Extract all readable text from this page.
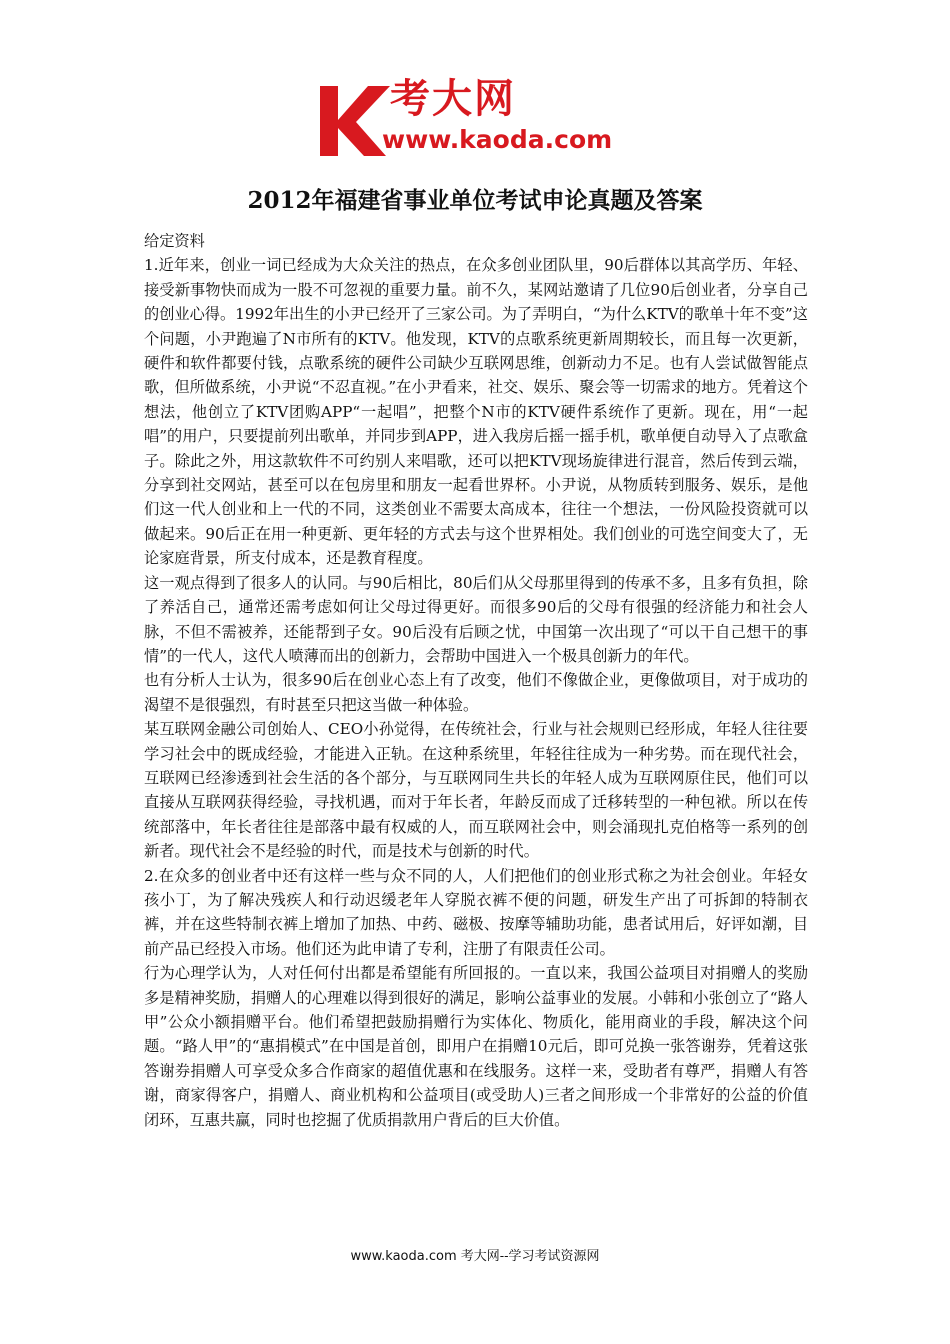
考大网
www.kaoda.com
2012年福建省事业单位考试申论真题及答案

给定资料

1.近年来，创业一词已经成为大众关注的热点，在众多创业团队里，90后群体以其高学历、年轻、接受新事物快而成为一股不可忽视的重要力量。前不久，某网站邀请了几位90后创业者，分享自己的创业心得。1992年出生的小尹已经开了三家公司。为了弄明白，“为什么KTV的歌单十年不变”这个问题，小尹跑遍了N市所有的KTV。他发现，KTV的点歌系统更新周期较长，而且每一次更新，硬件和软件都要付钱，点歌系统的硬件公司缺少互联网思维，创新动力不足。也有人尝试做智能点歌，但所做系统，小尹说“不忍直视。”在小尹看来，社交、娱乐、聚会等一切需求的地方。凭着这个想法，他创立了KTV团购APP“一起唱”，把整个N市的KTV硬件系统作了更新。现在，用“一起唱”的用户，只要提前列出歌单，并同步到APP，进入我房后摇一摇手机，歌单便自动导入了点歌盒子。除此之外，用这款软件不可约别人来唱歌，还可以把KTV现场旋律进行混音，然后传到云端，分享到社交网站，甚至可以在包房里和朋友一起看世界杯。小尹说，从物质转到服务、娱乐，是他们这一代人创业和上一代的不同，这类创业不需要太高成本，往往一个想法，一份风险投资就可以做起来。90后正在用一种更新、更年轻的方式去与这个世界相处。我们创业的可选空间变大了，无论家庭背景，所支付成本，还是教育程度。

这一观点得到了很多人的认同。与90后相比，80后们从父母那里得到的传承不多，且多有负担，除了养活自己，通常还需考虑如何让父母过得更好。而很多90后的父母有很强的经济能力和社会人脉，不但不需被养，还能帮到子女。90后没有后顾之忧，中国第一次出现了“可以干自己想干的事情”的一代人，这代人喷薄而出的创新力，会帮助中国进入一个极具创新力的年代。

也有分析人士认为，很多90后在创业心态上有了改变，他们不像做企业，更像做项目，对于成功的渴望不是很强烈，有时甚至只把这当做一种体验。

某互联网金融公司创始人、CEO小孙觉得，在传统社会，行业与社会规则已经形成，年轻人往往要学习社会中的既成经验，才能进入正轨。在这种系统里，年轻往往成为一种劣势。而在现代社会，互联网已经渗透到社会生活的各个部分，与互联网同生共长的年轻人成为互联网原住民，他们可以直接从互联网获得经验，寻找机遇，而对于年长者，年龄反而成了迁移转型的一种包袱。所以在传统部落中，年长者往往是部落中最有权威的人，而互联网社会中，则会涌现扎克伯格等一系列的创新者。现代社会不是经验的时代，而是技术与创新的时代。

2.在众多的创业者中还有这样一些与众不同的人，人们把他们的创业形式称之为社会创业。年轻女孩小丁，为了解决残疾人和行动迟缓老年人穿脱衣裤不便的问题，研发生产出了可拆卸的特制衣裤，并在这些特制衣裤上增加了加热、中药、磁极、按摩等辅助功能，患者试用后，好评如潮，目前产品已经投入市场。他们还为此申请了专利，注册了有限责任公司。

行为心理学认为，人对任何付出都是希望能有所回报的。一直以来，我国公益项目对捐赠人的奖励多是精神奖励，捐赠人的心理难以得到很好的满足，影响公益事业的发展。小韩和小张创立了“路人甲”公众小额捐赠平台。他们希望把鼓励捐赠行为实体化、物质化，能用商业的手段，解决这个问题。“路人甲”的“惠捐模式”在中国是首创，即用户在捐赠10元后，即可兑换一张答谢券，凭着这张答谢券捐赠人可享受众多合作商家的超值优惠和在线服务。这样一来，受助者有尊严，捐赠人有答谢，商家得客户，捐赠人、商业机构和公益项目(或受助人)三者之间形成一个非常好的公益的价值闭环，互惠共赢，同时也挖掘了优质捐款用户背后的巨大价值。

www.kaoda.com 考大网--学习考试资源网
